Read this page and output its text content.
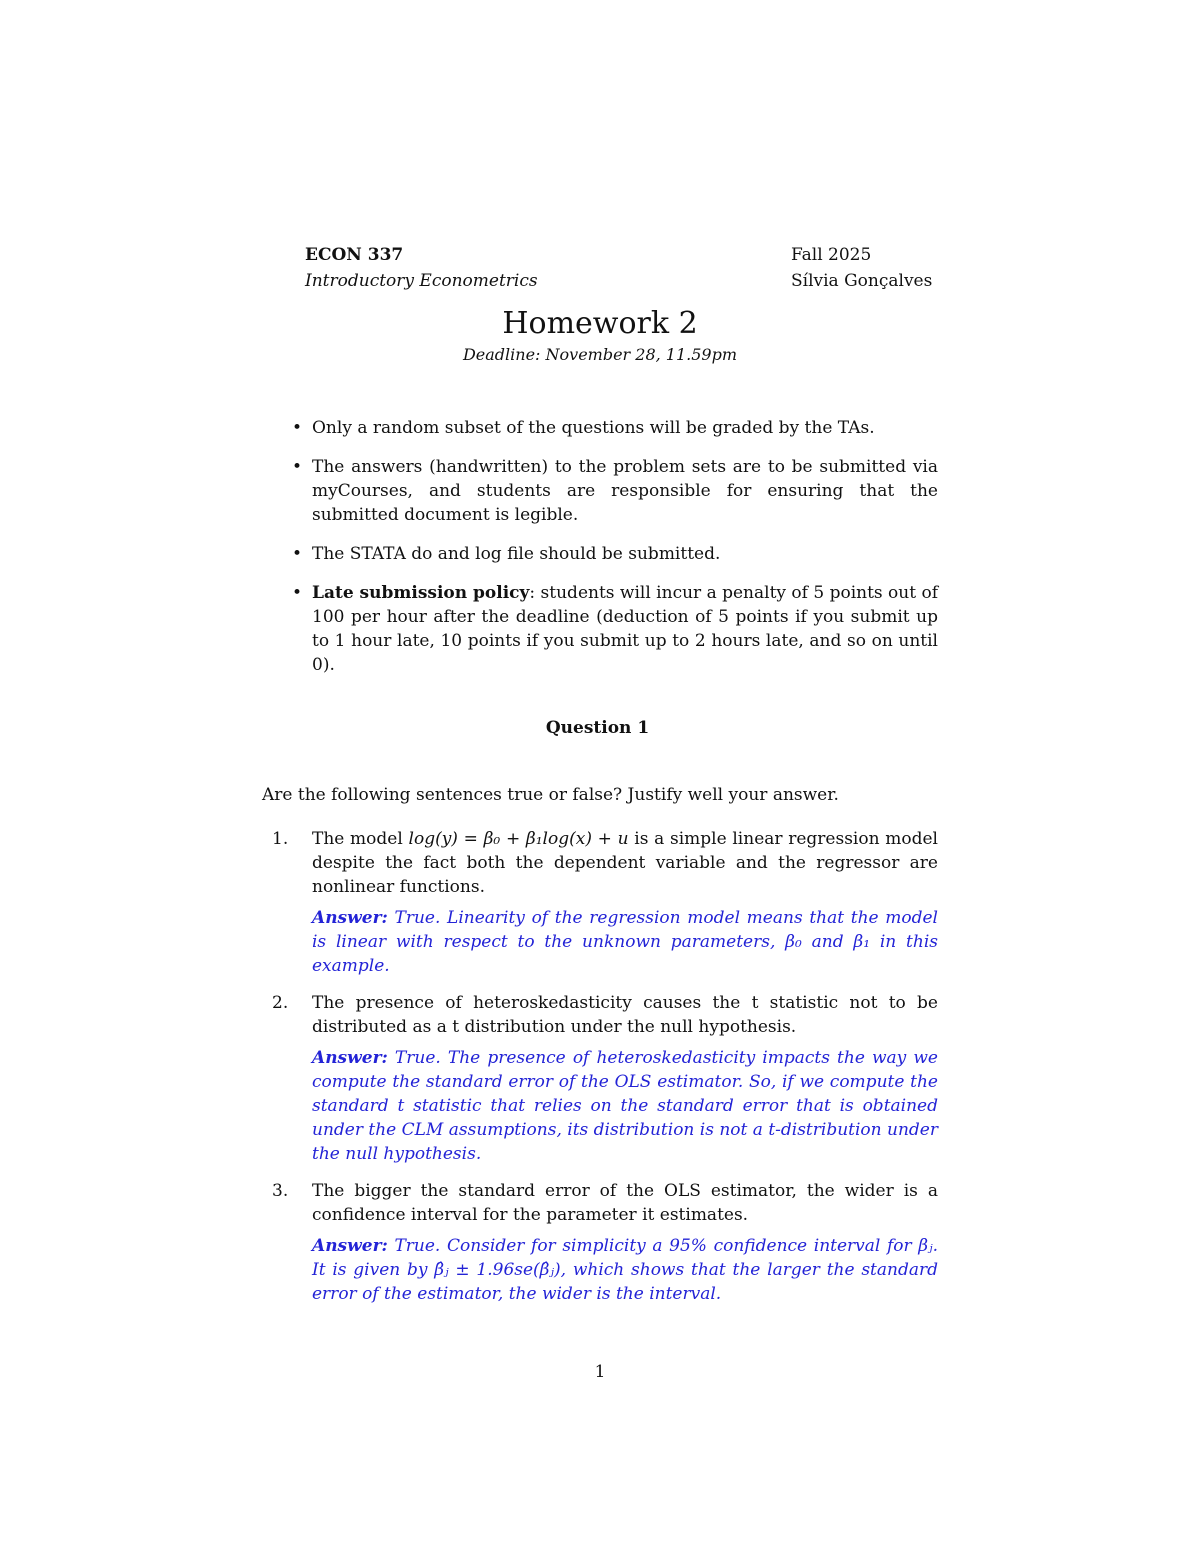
ECON 337
Introductory Econometrics
Fall 2025
Sílvia Gonçalves
Homework 2
Deadline: November 28, 11.59pm
• Only a random subset of the questions will be graded by the TAs.
• The answers (handwritten) to the problem sets are to be submitted via myCourses, and students are responsible for ensuring that the submitted document is legible.
• The STATA do and log file should be submitted.
• Late submission policy: students will incur a penalty of 5 points out of 100 per hour after the deadline (deduction of 5 points if you submit up to 1 hour late, 10 points if you submit up to 2 hours late, and so on until 0).
Question 1
Are the following sentences true or false? Justify well your answer.
1. The model log(y) = β₀ + β₁log(x) + u is a simple linear regression model despite the fact both the dependent variable and the regressor are nonlinear functions.
Answer: True. Linearity of the regression model means that the model is linear with respect to the unknown parameters, β₀ and β₁ in this example.
2. The presence of heteroskedasticity causes the t statistic not to be distributed as a t distribution under the null hypothesis.
Answer: True. The presence of heteroskedasticity impacts the way we compute the standard error of the OLS estimator. So, if we compute the standard t statistic that relies on the standard error that is obtained under the CLM assumptions, its distribution is not a t-distribution under the null hypothesis.
3. The bigger the standard error of the OLS estimator, the wider is a confidence interval for the parameter it estimates.
Answer: True. Consider for simplicity a 95% confidence interval for βⱼ. It is given by β̂ⱼ ± 1.96se(β̂ⱼ), which shows that the larger the standard error of the estimator, the wider is the interval.
1
